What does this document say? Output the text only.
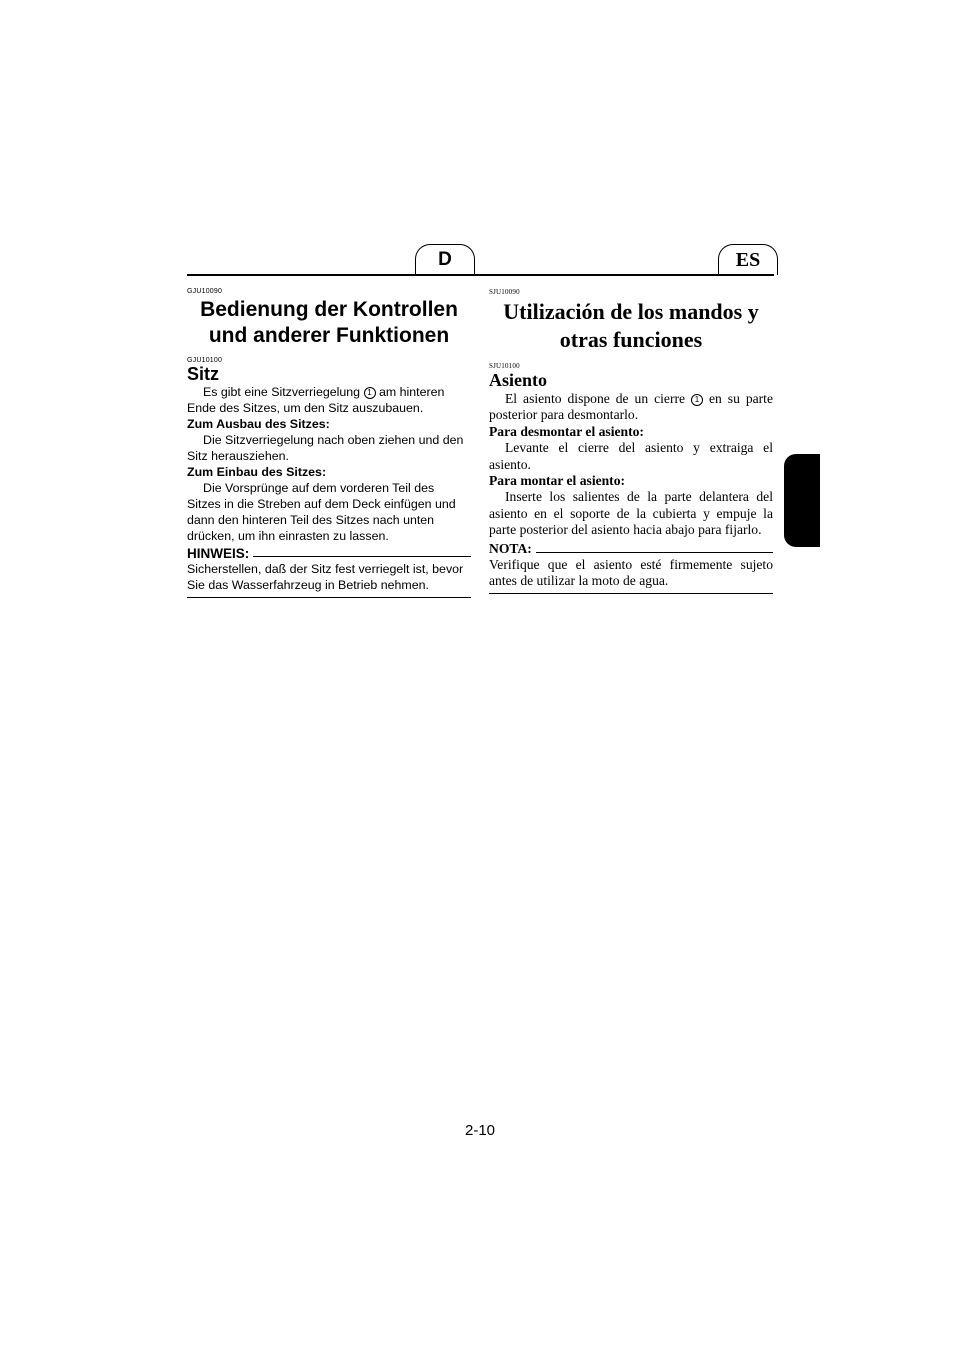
D	ES
GJU10090
Bedienung der Kontrollen
und anderer Funktionen
GJU10100
Sitz

Es gibt eine Sitzverriegelung 1 am hinteren Ende des Sitzes, um den Sitz auszubauen.

Zum Ausbau des Sitzes:

Die Sitzverriegelung nach oben ziehen und den Sitz herausziehen.

Zum Einbau des Sitzes:

Die Vorsprünge auf dem vorderen Teil des Sitzes in die Streben auf dem Deck einfügen und dann den hinteren Teil des Sitzes nach unten drücken, um ihn einrasten zu lassen.

HINWEIS:

Sicherstellen, daß der Sitz fest verriegelt ist, bevor Sie das Wasserfahrzeug in Betrieb nehmen.

SJU10090
Utilización de los mandos y
otras funciones
SJU10100
Asiento

El asiento dispone de un cierre 1 en su parte posterior para desmontarlo.

Para desmontar el asiento:

Levante el cierre del asiento y extraiga el asiento.

Para montar el asiento:

Inserte los salientes de la parte delantera del asiento en el soporte de la cubierta y empuje la parte posterior del asiento hacia abajo para fijarlo.

NOTA:

Verifique que el asiento esté firmemente sujeto antes de utilizar la moto de agua.

2-10
